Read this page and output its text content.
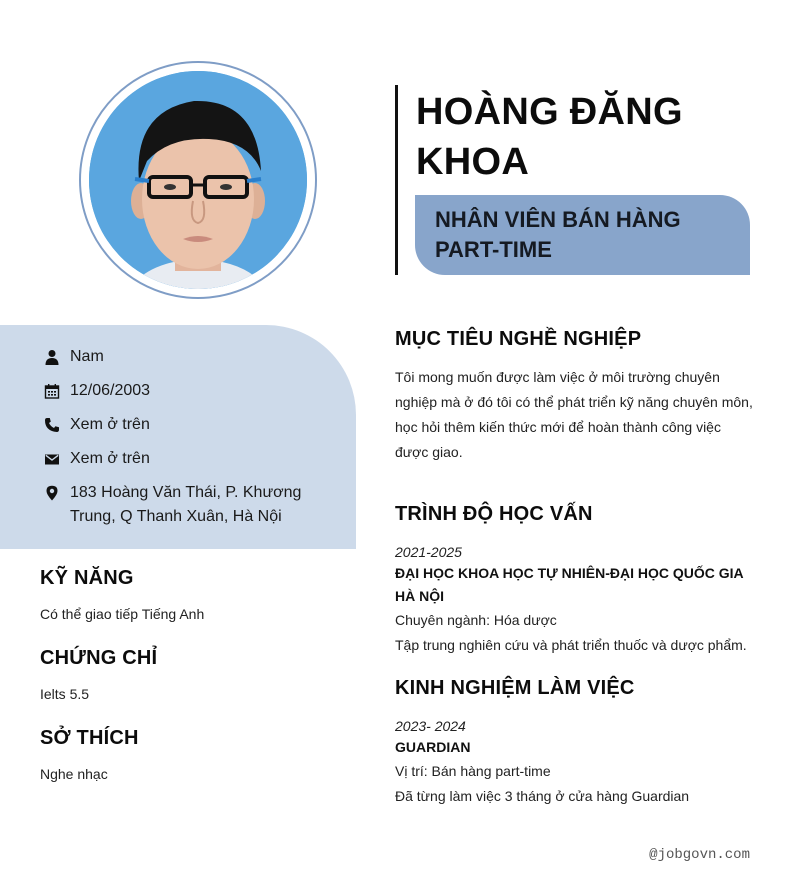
HOÀNG ĐĂNG KHOA
NHÂN VIÊN BÁN HÀNG PART-TIME
Nam
12/06/2003
Xem ở trên
Xem ở trên
183 Hoàng Văn Thái, P. Khương Trung, Q Thanh Xuân, Hà Nội
KỸ NĂNG
Có thể giao tiếp Tiếng Anh
CHỨNG CHỈ
Ielts 5.5
SỞ THÍCH
Nghe nhạc
MỤC TIÊU NGHỀ NGHIỆP
Tôi mong muốn được làm việc ở môi trường chuyên nghiệp mà ở đó tôi có thể phát triển kỹ năng chuyên môn, học hỏi thêm kiến thức mới để hoàn thành công việc được giao.
TRÌNH ĐỘ HỌC VẤN
2021-2025
ĐẠI HỌC KHOA HỌC TỰ NHIÊN-ĐẠI HỌC QUỐC GIA HÀ NỘI
Chuyên ngành: Hóa dược
Tập trung nghiên cứu và phát triển thuốc và dược phẩm.
KINH NGHIỆM LÀM VIỆC
2023- 2024
GUARDIAN
Vị trí: Bán hàng part-time
Đã từng làm việc 3 tháng ở cửa hàng Guardian
@jobgovn.com
